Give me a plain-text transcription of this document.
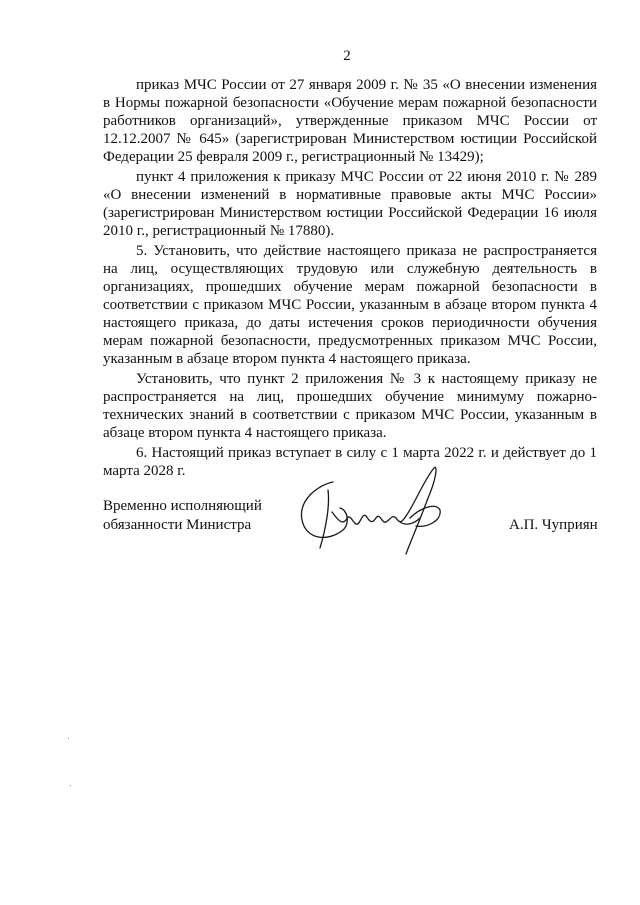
2

приказ МЧС России от 27 января 2009 г. № 35 «О внесении изменения в Нормы пожарной безопасности «Обучение мерам пожарной безопасности работников организаций», утвержденные приказом МЧС России от 12.12.2007 № 645» (зарегистрирован Министерством юстиции Российской Федерации 25 февраля 2009 г., регистрационный № 13429);

пункт 4 приложения к приказу МЧС России от 22 июня 2010 г. № 289 «О внесении изменений в нормативные правовые акты МЧС России» (зарегистрирован Министерством юстиции Российской Федерации 16 июля 2010 г., регистрационный № 17880).

5. Установить, что действие настоящего приказа не распространяется на лиц, осуществляющих трудовую или служебную деятельность в организациях, прошедших обучение мерам пожарной безопасности в соответствии с приказом МЧС России, указанным в абзаце втором пункта 4 настоящего приказа, до даты истечения сроков периодичности обучения мерам пожарной безопасности, предусмотренных приказом МЧС России, указанным в абзаце втором пункта 4 настоящего приказа.

Установить, что пункт 2 приложения № 3 к настоящему приказу не распространяется на лиц, прошедших обучение минимуму пожарно-технических знаний в соответствии с приказом МЧС России, указанным в абзаце втором пункта 4 настоящего приказа.

6. Настоящий приказ вступает в силу с 1 марта 2022 г. и действует до 1 марта 2028 г.

Временно исполняющий
обязанности Министра	А.П. Чуприян
